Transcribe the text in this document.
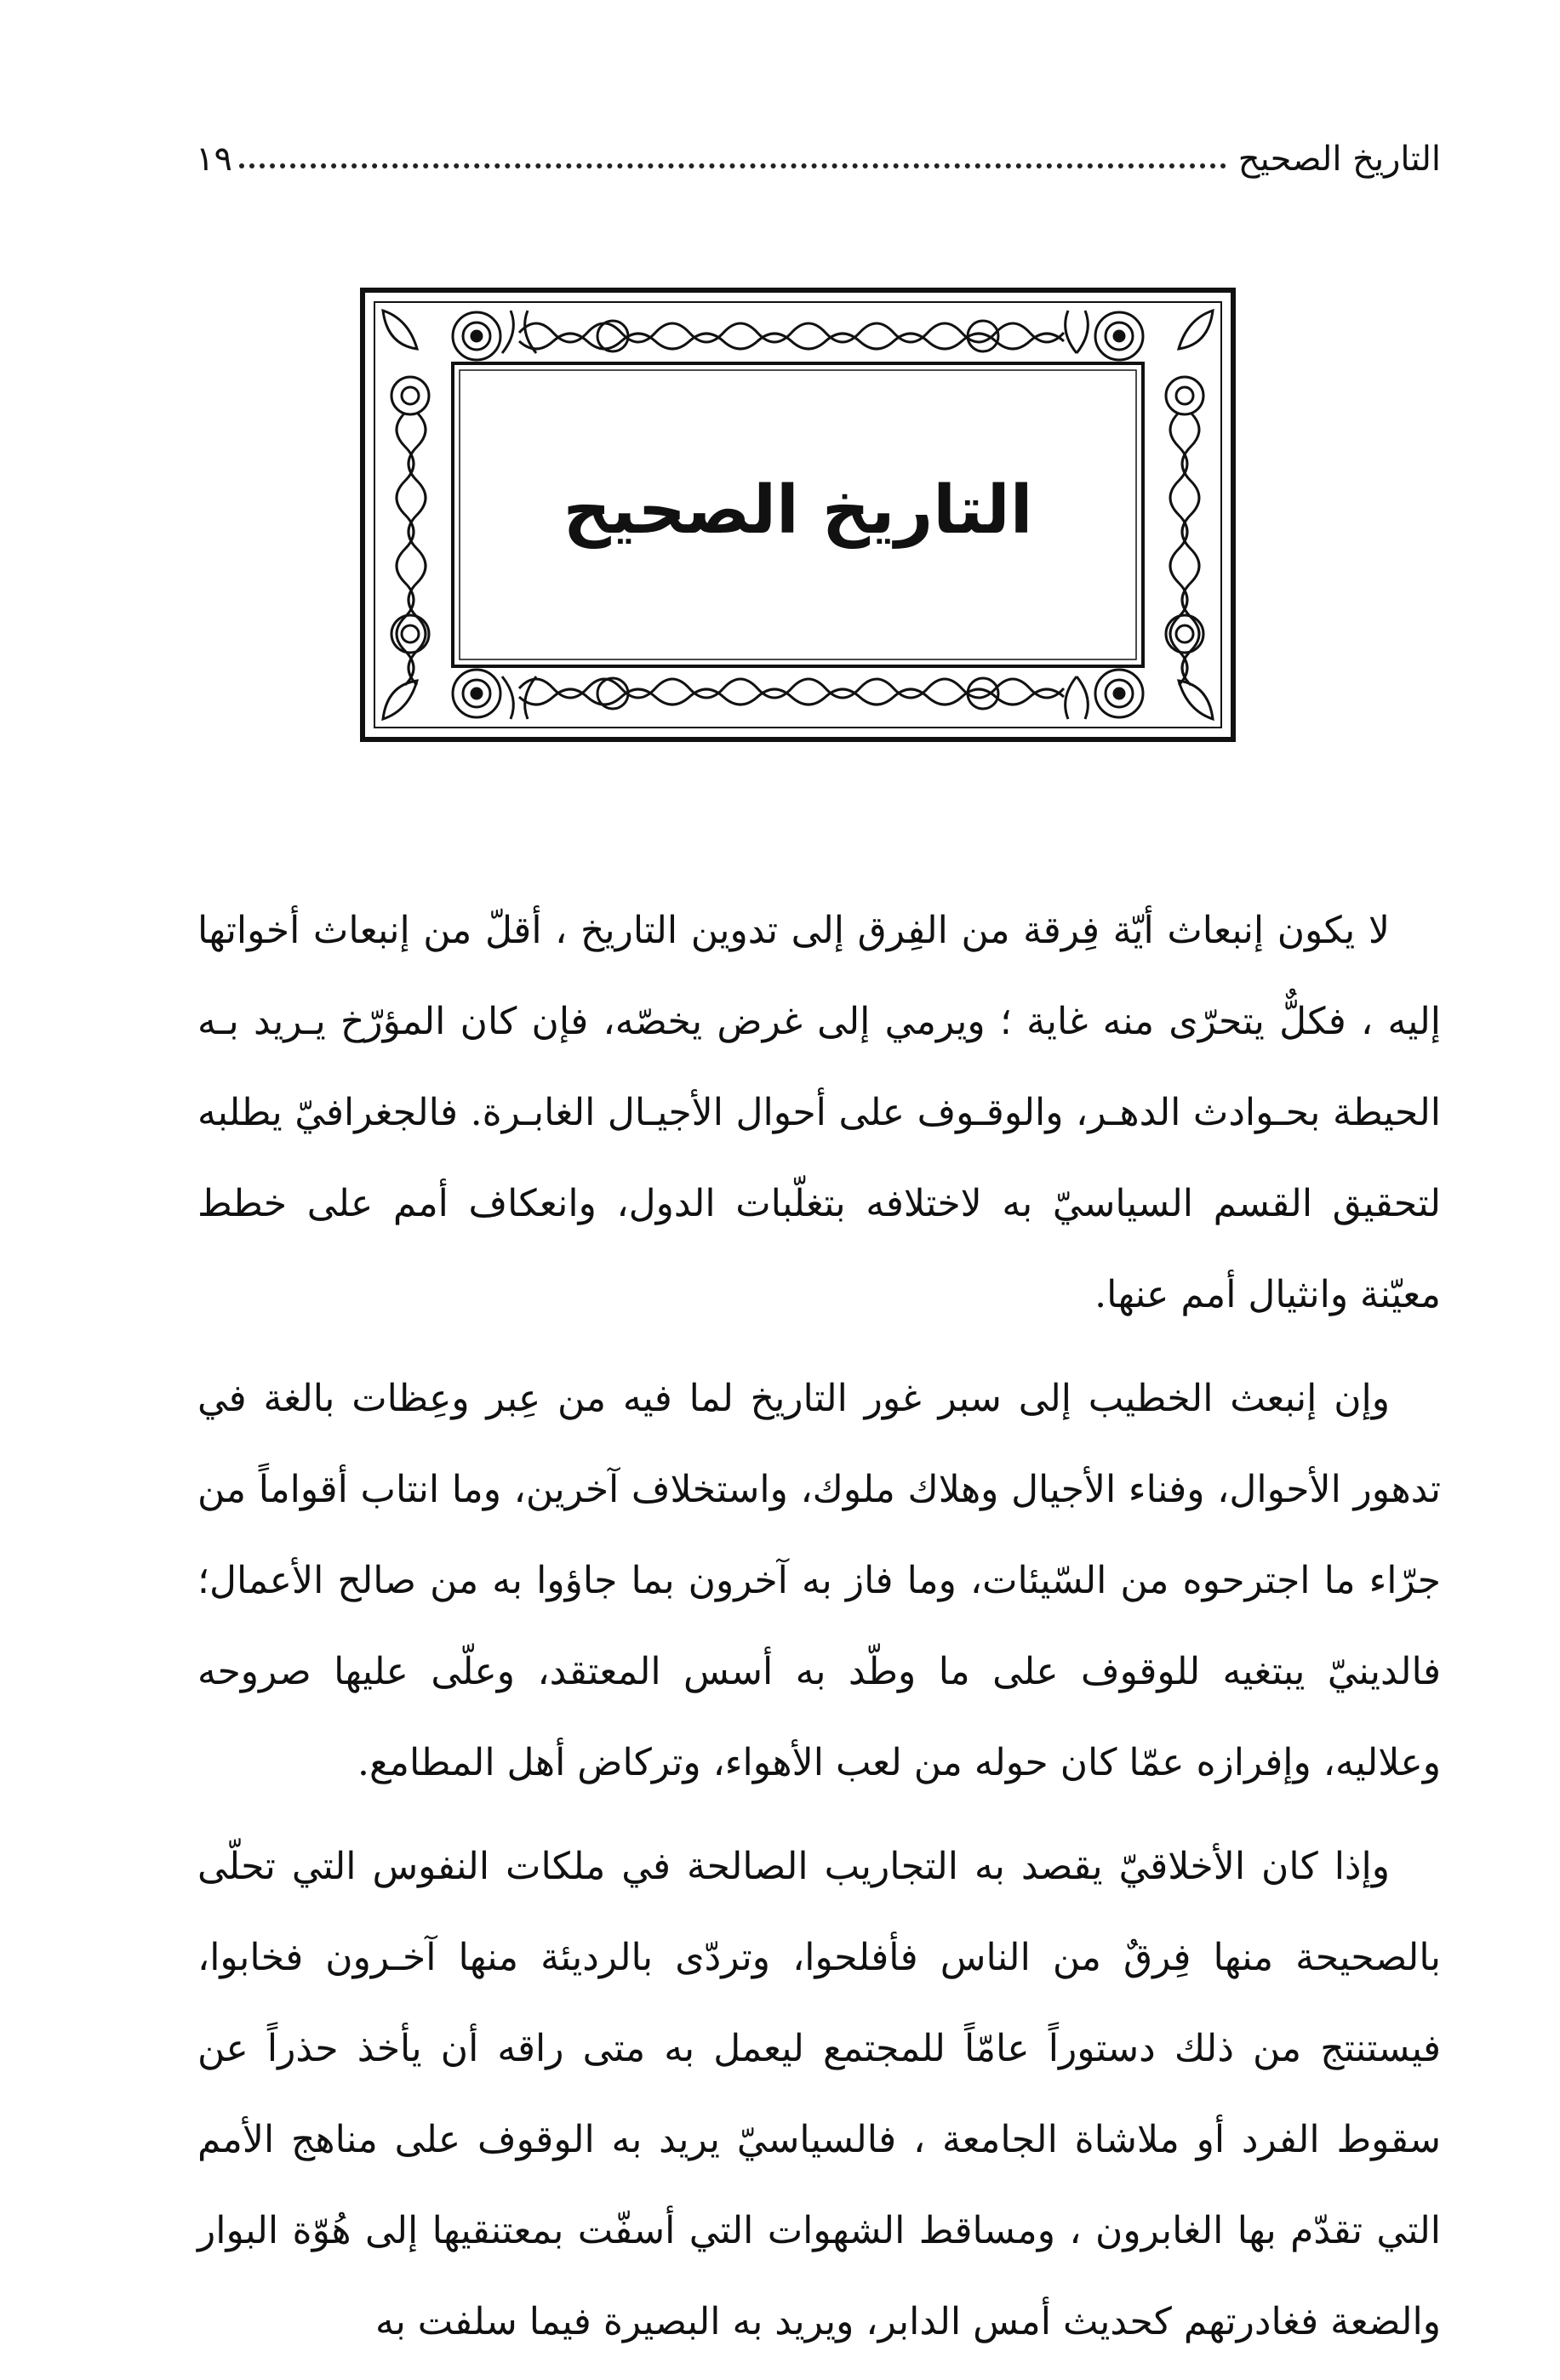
التاريخ الصحيح
١٩
التاريخ الصحيح

لا يكون إنبعاث أيّة فِرقة من الفِرق إلى تدوين التاريخ ، أقلّ من إنبعاث أخواتها إليه ، فكلٌّ يتحرّى منه غاية ؛ ويرمي إلى غرض يخصّه، فإن كان المؤرّخ يـريد بـه الحيطة بحـوادث الدهـر، والوقـوف على أحوال الأجيـال الغابـرة. فالجغرافيّ يطلبه لتحقيق القسم السياسيّ به لاختلافه بتغلّبات الدول، وانعكاف أمم على خطط معيّنة وانثيال أمم عنها.

وإن إنبعث الخطيب إلى سبر غور التاريخ لما فيه من عِبر وعِظات بالغة في تدهور الأحوال، وفناء الأجيال وهلاك ملوك، واستخلاف آخرين، وما انتاب أقواماً من جرّاء ما اجترحوه من السّيئات، وما فاز به آخرون بما جاؤوا به من صالح الأعمال؛ فالدينيّ يبتغيه للوقوف على ما وطّد به أسس المعتقد، وعلّى عليها صروحه وعلاليه، وإفرازه عمّا كان حوله من لعب الأهواء، وتركاض أهل المطامع.

وإذا كان الأخلاقيّ يقصد به التجاريب الصالحة في ملكات النفوس التي تحلّى بالصحيحة منها فِرقٌ من الناس فأفلحوا، وتردّى بالرديئة منها آخـرون فخابوا، فيستنتج من ذلك دستوراً عامّاً للمجتمع ليعمل به متى راقه أن يأخذ حذراً عن سقوط الفرد أو ملاشاة الجامعة ، فالسياسيّ يريد به الوقوف على مناهج الأمم التي تقدّم بها الغابرون ، ومساقط الشهوات التي أسفّت بمعتنقيها إلى هُوّة البوار والضعة فغادرتهم كحديث أمس الدابر، ويريد به البصيرة فيما سلفت به
